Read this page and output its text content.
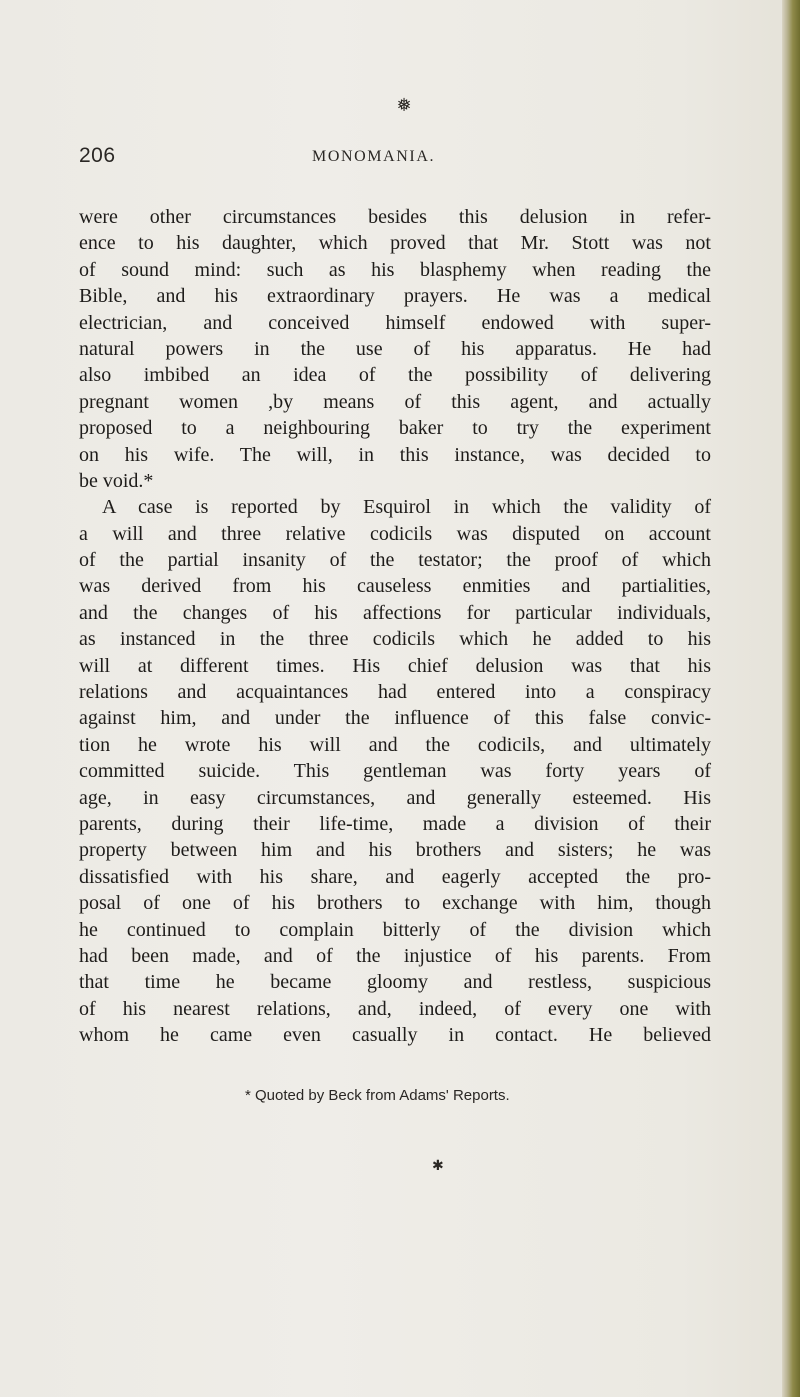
❅
206	MONOMANIA.
were other circumstances besides this delusion in refer-
ence to his daughter, which proved that Mr. Stott was not
of sound mind: such as his blasphemy when reading the
Bible, and his extraordinary prayers. He was a medical
electrician, and conceived himself endowed with super-
natural powers in the use of his apparatus. He had
also imbibed an idea of the possibility of delivering
pregnant women ,by means of this agent, and actually
proposed to a neighbouring baker to try the experiment
on his wife. The will, in this instance, was decided to
be void.*
A case is reported by Esquirol in which the validity of
a will and three relative codicils was disputed on account
of the partial insanity of the testator; the proof of which
was derived from his causeless enmities and partialities,
and the changes of his affections for particular individuals,
as instanced in the three codicils which he added to his
will at different times. His chief delusion was that his
relations and acquaintances had entered into a conspiracy
against him, and under the influence of this false convic-
tion he wrote his will and the codicils, and ultimately
committed suicide. This gentleman was forty years of
age, in easy circumstances, and generally esteemed. His
parents, during their life-time, made a division of their
property between him and his brothers and sisters; he was
dissatisfied with his share, and eagerly accepted the pro-
posal of one of his brothers to exchange with him, though
he continued to complain bitterly of the division which
had been made, and of the injustice of his parents. From
that time he became gloomy and restless, suspicious
of his nearest relations, and, indeed, of every one with
whom he came even casually in contact. He believed
* Quoted by Beck from Adams' Reports.
✱
